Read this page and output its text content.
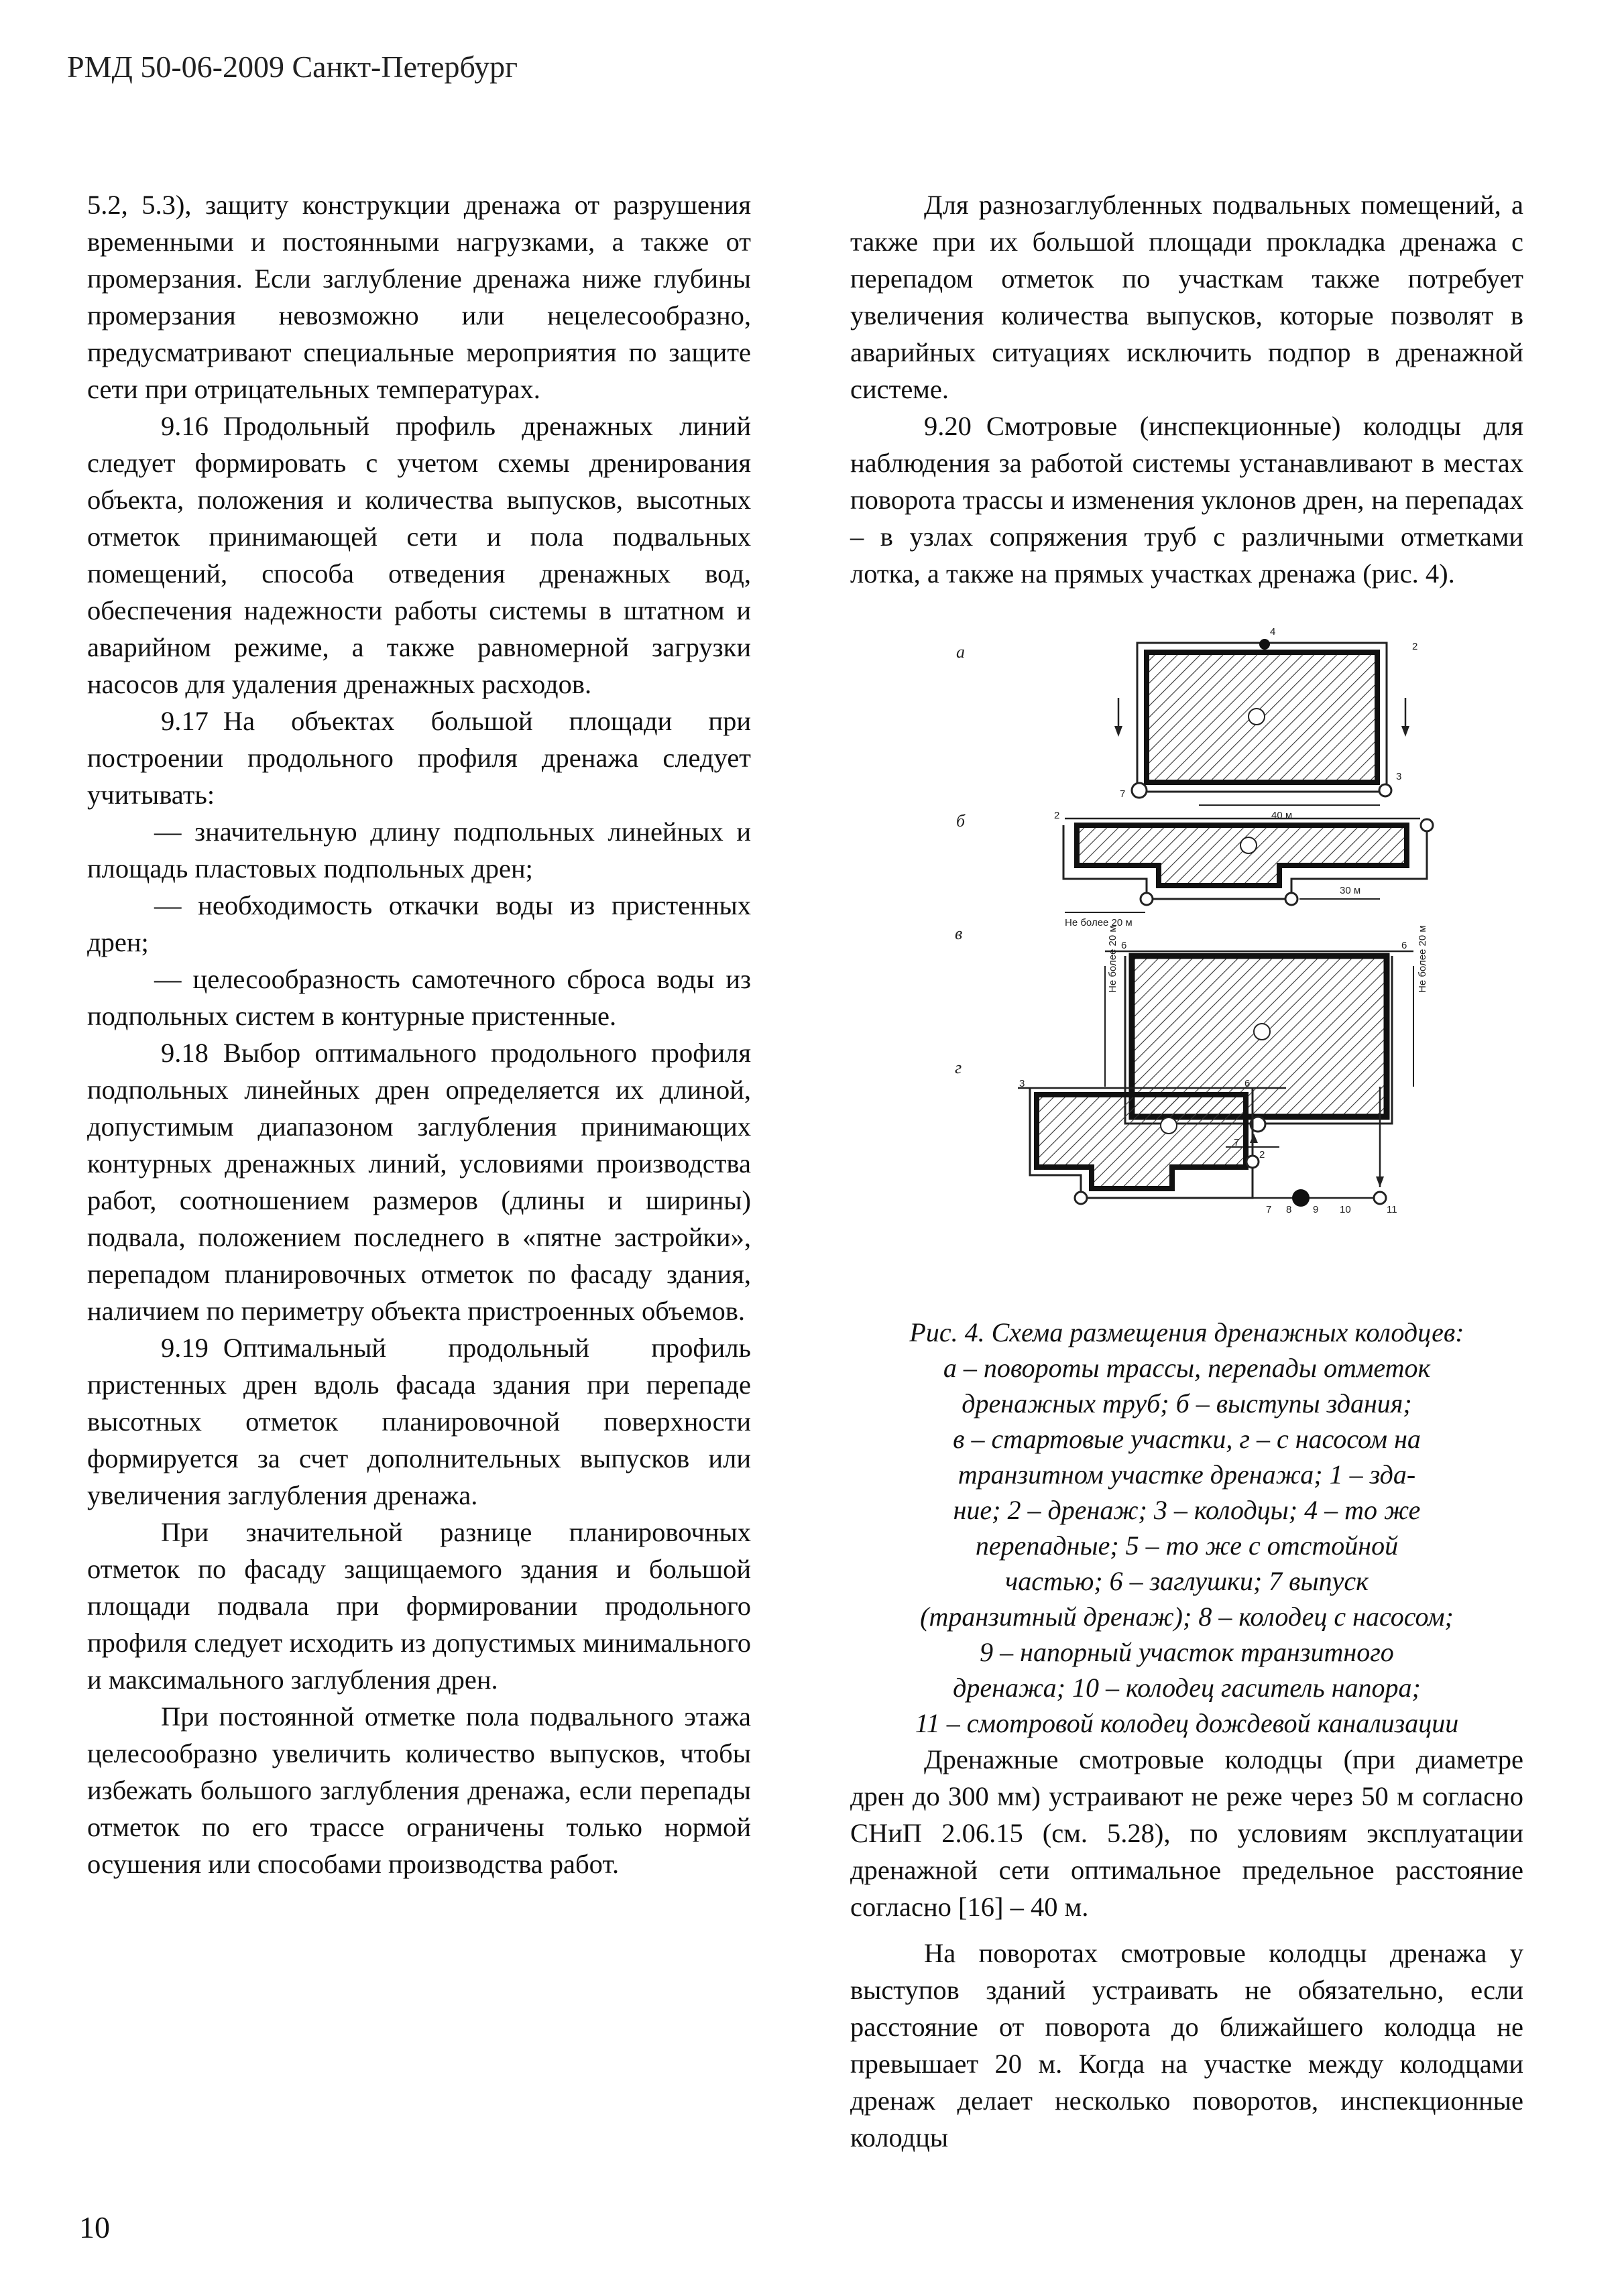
РМД 50-06-2009 Санкт-Петербург

5.2, 5.3), защиту конструкции дренажа от разрушения временными и постоянными нагрузками, а также от промерзания. Если заглубление дренажа ниже глубины промерзания невозможно или нецелесообразно, предусматривают специальные мероприятия по защите сети при отрицательных температурах.

9.16 Продольный профиль дренажных линий следует формировать с учетом схемы дренирования объекта, положения и количества выпусков, высотных отметок принимающей сети и пола подвальных помещений, способа отведения дренажных вод, обеспечения надежности работы системы в штатном и аварийном режиме, а также равномерной загрузки насосов для удаления дренажных расходов.

9.17 На объектах большой площади при построении продольного профиля дренажа следует учитывать:

— значительную длину подпольных линейных и площадь пластовых подпольных дрен;

— необходимость откачки воды из пристенных дрен;

— целесообразность самотечного сброса воды из подпольных систем в контурные пристенные.

9.18 Выбор оптимального продольного профиля подпольных линейных дрен определяется их длиной, допустимым диапазоном заглубления принимающих контурных дренажных линий, условиями производства работ, соотношением размеров (длины и ширины) подвала, положением последнего в «пятне застройки», перепадом планировочных отметок по фасаду здания, наличием по периметру объекта пристроенных объемов.

9.19 Оптимальный продольный профиль пристенных дрен вдоль фасада здания при перепаде высотных отметок планировочной поверхности формируется за счет дополнительных выпусков или увеличения заглубления дренажа.

При значительной разнице планировочных отметок по фасаду защищаемого здания и большой площади подвала при формировании продольного профиля следует исходить из допустимых минимального и максимального заглубления дрен.

При постоянной отметке пола подвального этажа целесообразно увеличить количество выпусков, чтобы избежать большого заглубления дренажа, если перепады отметок по его трассе ограничены только нормой осушения или способами производства работ.

Для разнозаглубленных подвальных помещений, а также при их большой площади прокладка дренажа с перепадом отметок по участкам также потребует увеличения количества выпусков, которые позволят в аварийных ситуациях исключить подпор в дренажной системе.

9.20 Смотровые (инспекционные) колодцы для наблюдения за работой системы устанавливают в местах поворота трассы и изменения уклонов дрен, на перепадах – в узлах сопряжения труб с различными отметками лотка, а также на прямых участках дренажа (рис. 4).

а
40 м
7
2
4
3
б
30 м
Не более 20 м
2
в	Не более 20 м	Не более 20 м
6	6
г
7 8 9 10	11
2
3	6
Рис. 4. Схема размещения дренажных колодцев:
а – повороты трассы, перепады отметок
дренажных труб; б – выступы здания;
в – стартовые участки, г – с насосом на
транзитном участке дренажа; 1 – зда-
ние; 2 – дренаж; 3 – колодцы; 4 – то же
перепадные; 5 – то же с отстойной
частью; 6 – заглушки; 7 выпуск
(транзитный дренаж); 8 – колодец с насосом;
9 – напорный участок транзитного
дренажа; 10 – колодец гаситель напора;
11 – смотровой колодец дождевой канализации

Дренажные смотровые колодцы (при диаметре дрен до 300 мм) устраивают не реже через 50 м согласно СНиП 2.06.15 (см. 5.28), по условиям эксплуатации дренажной сети оптимальное предельное расстояние согласно [16] – 40 м.

На поворотах смотровые колодцы дренажа у выступов зданий устраивать не обязательно, если расстояние от поворота до ближайшего колодца не превышает 20 м. Когда на участке между колодцами дренаж делает несколько поворотов, инспекционные колодцы

10
